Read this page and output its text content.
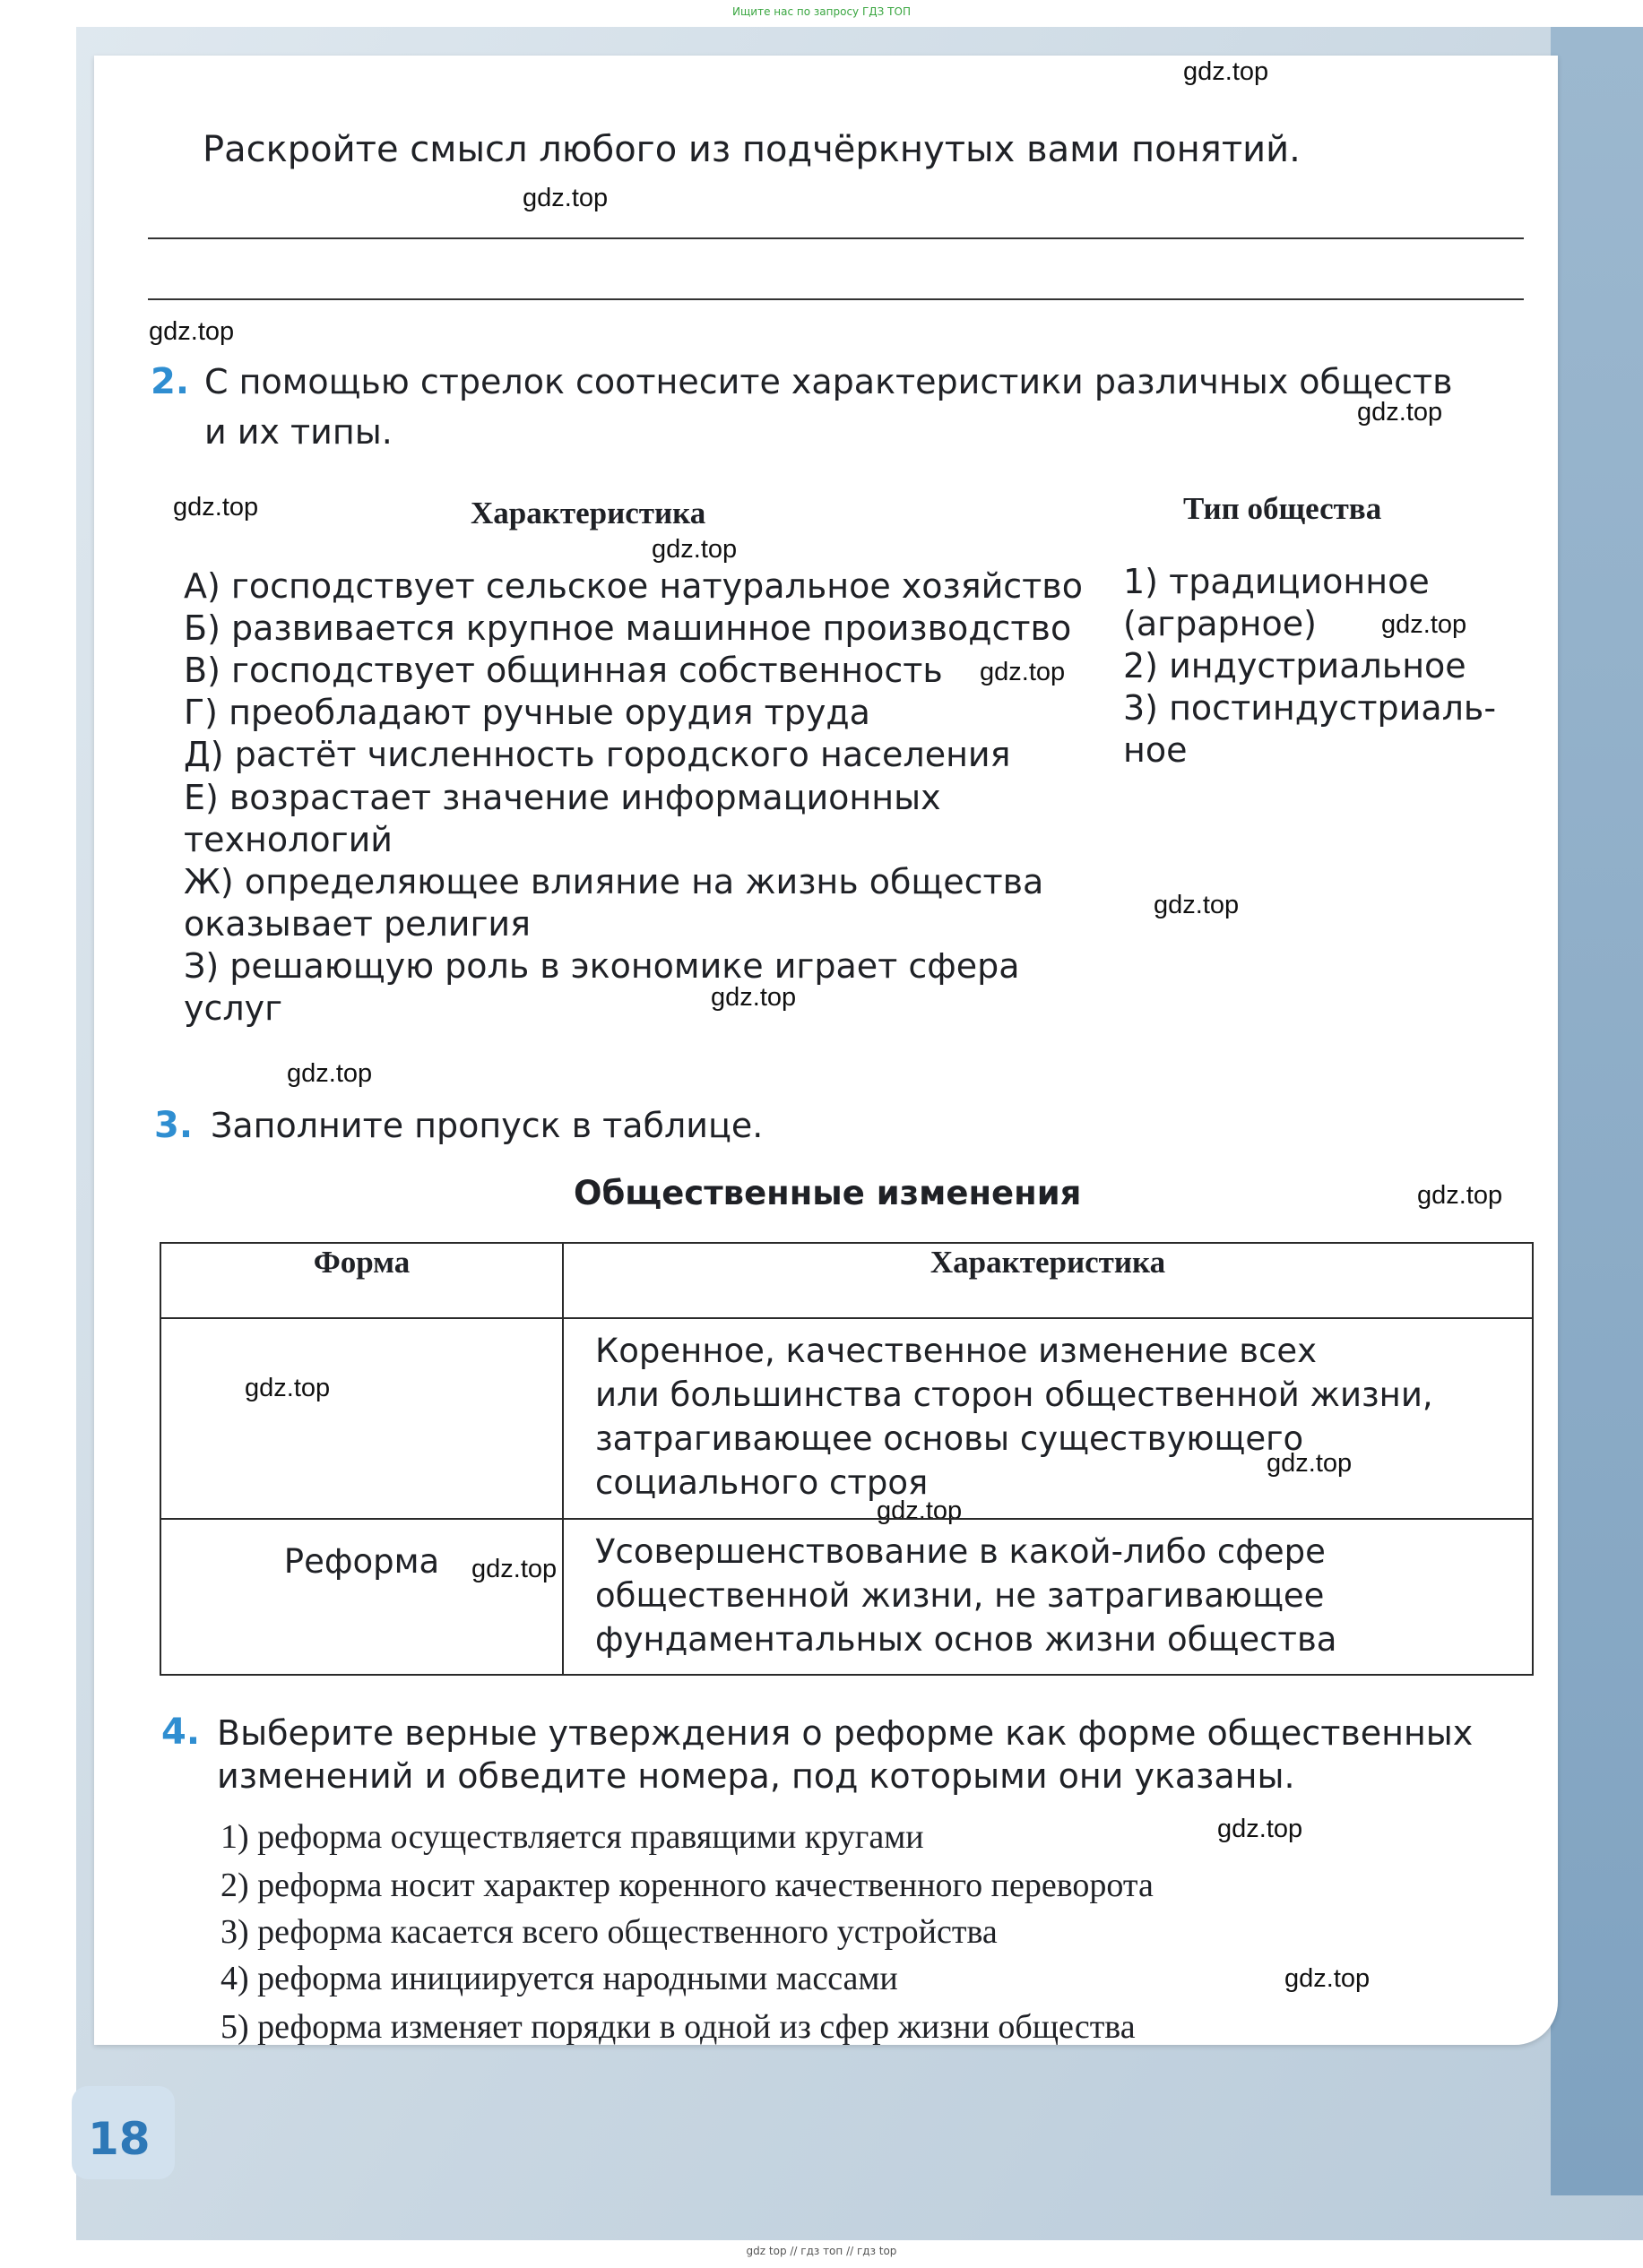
Ищите нас по запросу ГДЗ ТОП
gdz.top
gdz.top
gdz.top
gdz.top
gdz.top
gdz.top
gdz.top
gdz.top
gdz.top
gdz.top
gdz.top
gdz.top
gdz.top
gdz.top
gdz.top
gdz.top
gdz.top
gdz.top
Раскройте смысл любого из подчёркнутых вами понятий.
2. С помощью стрелок соотнесите характеристики различных обществ
и их типы.
Характеристика	Тип общества
А) господствует сельское натуральное хозяйство
Б) развивается крупное машинное производство
В) господствует общинная собственность
Г) преобладают ручные орудия труда
Д) растёт численность городского населения
Е) возрастает значение информационных
технологий
Ж) определяющее влияние на жизнь общества
оказывает религия
З) решающую роль в экономике играет сфера
услуг
1) традиционное
(аграрное)
2) индустриальное
3) постиндустриаль-
ное
3. Заполните пропуск в таблице.
Общественные изменения
Форма	Характеристика

	Коренное, качественное изменение всех
или большинства сторон общественной жизни,
затрагивающее основы существующего
социального строя

Реформа	Усовершенствование в какой-либо сфере
общественной жизни, не затрагивающее
фундаментальных основ жизни общества
4. Выберите верные утверждения о реформе как форме общественных
изменений и обведите номера, под которыми они указаны.
1) реформа осуществляется правящими кругами
2) реформа носит характер коренного качественного переворота
3) реформа касается всего общественного устройства
4) реформа инициируется народными массами
5) реформа изменяет порядки в одной из сфер жизни общества
18
gdz top // гдз топ // гдз top
